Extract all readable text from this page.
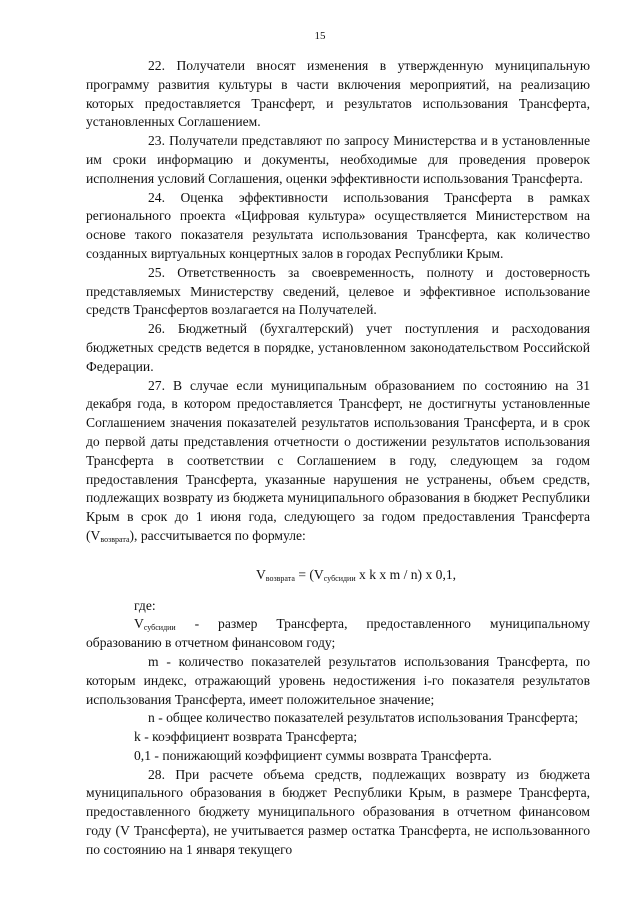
15

22. Получатели вносят изменения в утвержденную муниципальную программу развития культуры в части включения мероприятий, на реализацию которых предоставляется Трансферт, и результатов использования Трансферта, установленных Соглашением.

23. Получатели представляют по запросу Министерства и в установленные им сроки информацию и документы, необходимые для проведения проверок исполнения условий Соглашения, оценки эффективности использования Трансферта.

24. Оценка эффективности использования Трансферта в рамках регионального проекта «Цифровая культура» осуществляется Министерством на основе такого показателя результата использования Трансферта, как количество созданных виртуальных концертных залов в городах Республики Крым.

25. Ответственность за своевременность, полноту и достоверность представляемых Министерству сведений, целевое и эффективное использование средств Трансфертов возлагается на Получателей.

26. Бюджетный (бухгалтерский) учет поступления и расходования бюджетных средств ведется в порядке, установленном законодательством Российской Федерации.

27. В случае если муниципальным образованием по состоянию на 31 декабря года, в котором предоставляется Трансферт, не достигнуты установленные Соглашением значения показателей результатов использования Трансферта, и в срок до первой даты представления отчетности о достижении результатов использования Трансферта в соответствии с Соглашением в году, следующем за годом предоставления Трансферта, указанные нарушения не устранены, объем средств, подлежащих возврату из бюджета муниципального образования в бюджет Республики Крым в срок до 1 июня года, следующего за годом предоставления Трансферта $(V_{возврата})$, рассчитывается по формуле:

$V_{возврата} = (V_{субсидии}$ x k x m / n) x 0,1,

где:

$V_{субсидии}$ - размер Трансферта, предоставленного муниципальному образованию в отчетном финансовом году;

m - количество показателей результатов использования Трансферта, по которым индекс, отражающий уровень недостижения i-го показателя результатов использования Трансферта, имеет положительное значение;

n - общее количество показателей результатов использования Трансферта;

k - коэффициент возврата Трансферта;

0,1 - понижающий коэффициент суммы возврата Трансферта.

28. При расчете объема средств, подлежащих возврату из бюджета муниципального образования в бюджет Республики Крым, в размере Трансферта, предоставленного бюджету муниципального образования в отчетном финансовом году (V Трансферта), не учитывается размер остатка Трансферта, не использованного по состоянию на 1 января текущего
